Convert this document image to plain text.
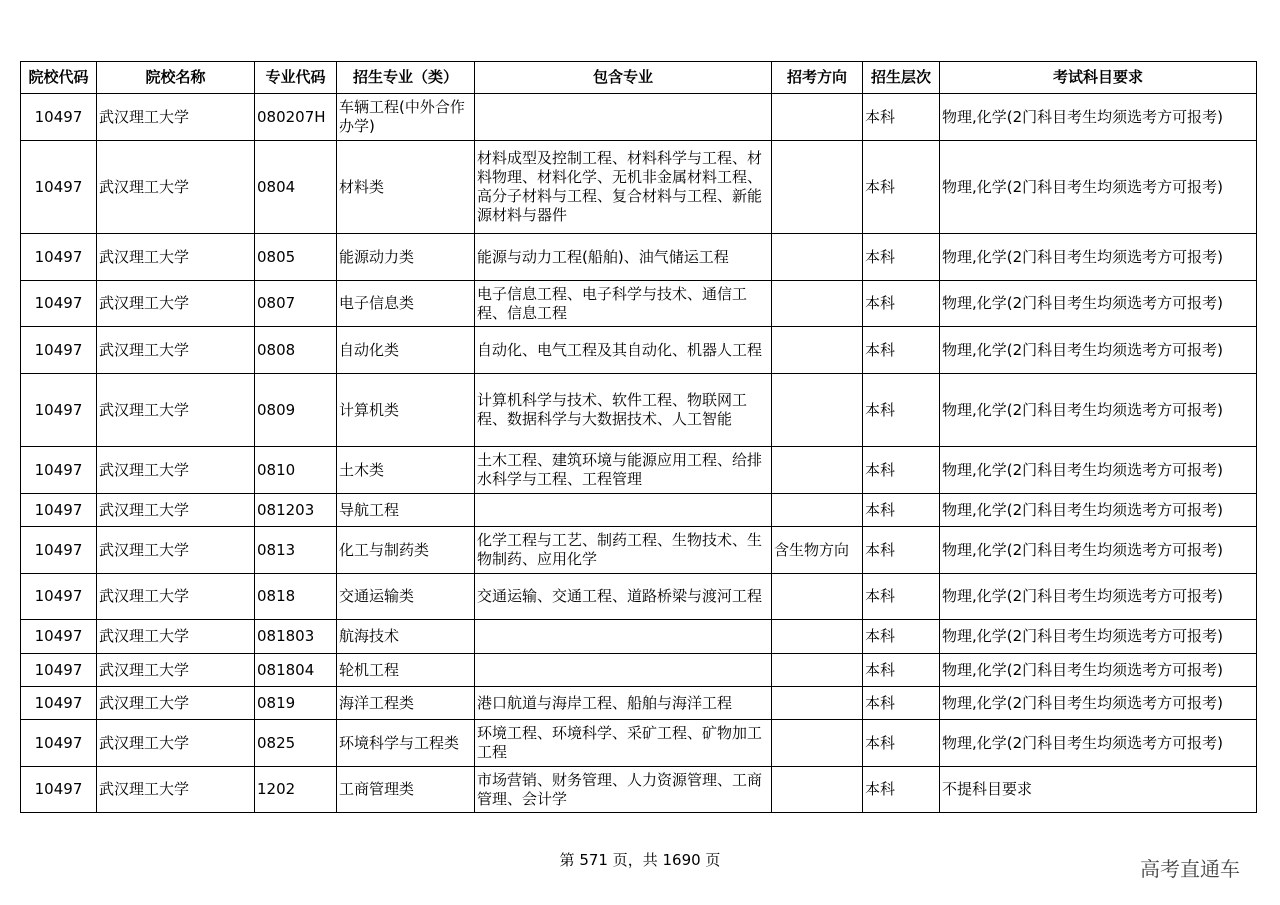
院校代码	院校名称	专业代码	招生专业（类）	包含专业	招考方向	招生层次	考试科目要求
10497	武汉理工大学	080207H	车辆工程(中外合作办学)			本科	物理,化学(2门科目考生均须选考方可报考)
10497	武汉理工大学	0804	材料类	材料成型及控制工程、材料科学与工程、材料物理、材料化学、无机非金属材料工程、高分子材料与工程、复合材料与工程、新能源材料与器件		本科	物理,化学(2门科目考生均须选考方可报考)
10497	武汉理工大学	0805	能源动力类	能源与动力工程(船舶)、油气储运工程		本科	物理,化学(2门科目考生均须选考方可报考)
10497	武汉理工大学	0807	电子信息类	电子信息工程、电子科学与技术、通信工程、信息工程		本科	物理,化学(2门科目考生均须选考方可报考)
10497	武汉理工大学	0808	自动化类	自动化、电气工程及其自动化、机器人工程		本科	物理,化学(2门科目考生均须选考方可报考)
10497	武汉理工大学	0809	计算机类	计算机科学与技术、软件工程、物联网工程、数据科学与大数据技术、人工智能		本科	物理,化学(2门科目考生均须选考方可报考)
10497	武汉理工大学	0810	土木类	土木工程、建筑环境与能源应用工程、给排水科学与工程、工程管理		本科	物理,化学(2门科目考生均须选考方可报考)
10497	武汉理工大学	081203	导航工程			本科	物理,化学(2门科目考生均须选考方可报考)
10497	武汉理工大学	0813	化工与制药类	化学工程与工艺、制药工程、生物技术、生物制药、应用化学	含生物方向	本科	物理,化学(2门科目考生均须选考方可报考)
10497	武汉理工大学	0818	交通运输类	交通运输、交通工程、道路桥梁与渡河工程		本科	物理,化学(2门科目考生均须选考方可报考)
10497	武汉理工大学	081803	航海技术			本科	物理,化学(2门科目考生均须选考方可报考)
10497	武汉理工大学	081804	轮机工程			本科	物理,化学(2门科目考生均须选考方可报考)
10497	武汉理工大学	0819	海洋工程类	港口航道与海岸工程、船舶与海洋工程		本科	物理,化学(2门科目考生均须选考方可报考)
10497	武汉理工大学	0825	环境科学与工程类	环境工程、环境科学、采矿工程、矿物加工工程		本科	物理,化学(2门科目考生均须选考方可报考)
10497	武汉理工大学	1202	工商管理类	市场营销、财务管理、人力资源管理、工商管理、会计学		本科	不提科目要求
第 571 页，共 1690 页	高考直通车
